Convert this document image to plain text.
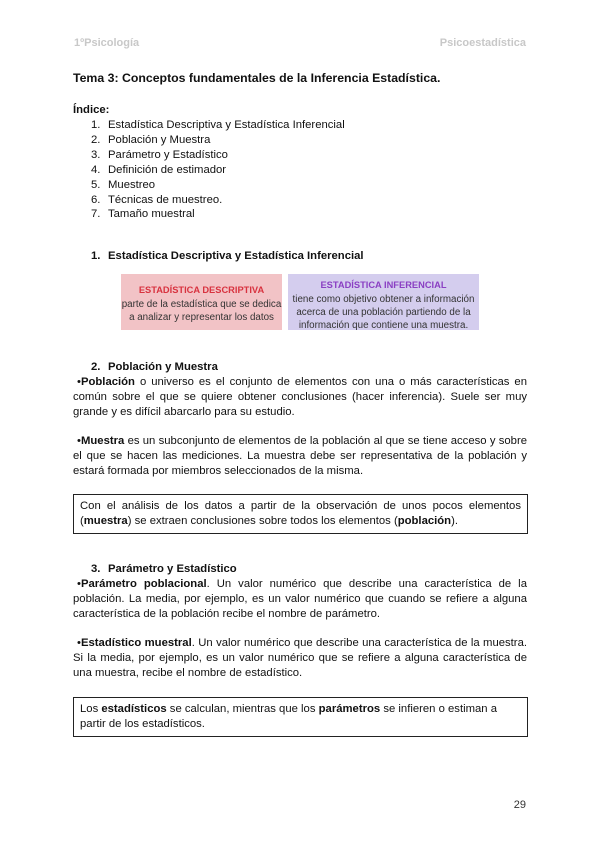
1ºPsicología	Psicoestadística
Tema 3: Conceptos fundamentales de la Inferencia Estadística.
Índice:
1. Estadística Descriptiva y Estadística Inferencial
2. Población y Muestra
3. Parámetro y Estadístico
4. Definición de estimador
5. Muestreo
6. Técnicas de muestreo.
7. Tamaño muestral
1. Estadística Descriptiva y Estadística Inferencial
ESTADÍSTICA DESCRIPTIVA
parte de la estadística que se dedica
a analizar y representar los datos
ESTADÍSTICA INFERENCIAL
tiene como objetivo obtener a información
acerca de una población partiendo de la
información que contiene una muestra.
2. Población y Muestra

•Población o universo es el conjunto de elementos con una o más características en común sobre el que se quiere obtener conclusiones (hacer inferencia). Suele ser muy grande y es difícil abarcarlo para su estudio.

•Muestra es un subconjunto de elementos de la población al que se tiene acceso y sobre el que se hacen las mediciones. La muestra debe ser representativa de la población y estará formada por miembros seleccionados de la misma.

Con el análisis de los datos a partir de la observación de unos pocos elementos (muestra) se extraen conclusiones sobre todos los elementos (población).
3. Parámetro y Estadístico

•Parámetro poblacional. Un valor numérico que describe una característica de la población. La media, por ejemplo, es un valor numérico que cuando se refiere a alguna característica de la población recibe el nombre de parámetro.

•Estadístico muestral. Un valor numérico que describe una característica de la muestra. Si la media, por ejemplo, es un valor numérico que se refiere a alguna característica de una muestra, recibe el nombre de estadístico.

Los estadísticos se calculan, mientras que los parámetros se infieren o estiman a partir de los estadísticos.
29
